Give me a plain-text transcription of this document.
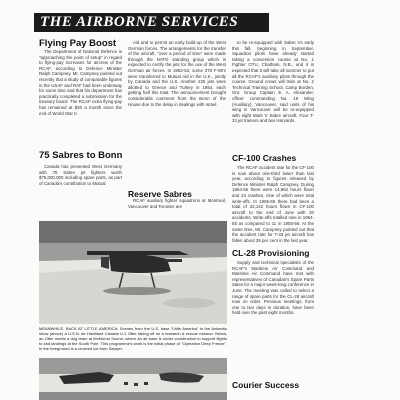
THE AIRBORNE SERVICES
Flying Pay Boost

The Department of National Defence is "approaching the point of setup" in regard to flying-pay increases for aircrew of the RCAF, according to Defence Minister Ralph Campney. Mr. Campney pointed out recently that a study of comparable figures in the USAF and RAF had been underway for some time and that his department has practically completed a submission for the treasury board. The RCAF extra flying-pay has remained at $30 a month since the end of World War II.

75 Sabres to Bonn

Canada has presented West Germany with 75 Sabre jet fighters worth $75,000,000 including spare parts, as part of Canada's contribution to Mutual

Aid and to permit an early build-up of the West German forces. The arrangements for the transfer of the aircraft, "over a period of time" were made through the NATO standing group which is expected to certify the jets for the use of the West German air forces. In 1952-53, some 370 F-86's were transferred to Mutual Aid in the U.K., jointly by Canada and the U.S. Another 225 jets were allotted to Greece and Turkey in 1954, each getting half this total. The announcement brought considerable comment from the Bonn of the House due to the delay in dealings with Israel.

Reserve Sabres

RCAF auxiliary fighter squadrons at Montreal, Vancouver and Toronter are

MEANWHILE, BACK AT LITTLE AMERICA: Scenes from the U.S. base "Little America" in the Antarctic show (above) a U.S.N. de Havilland Canada U-1 Otter taking off on a research & rescue mission. Below, an Otter meets a dog team at McMurdo Sound, where an air base is under construction to support flights to and landings at the South Pole. This programme's work is the initial phase of "Operation Deep Freeze". In the foreground is a crushed ice from Sawyer.

to be re-equipped with Sabre Vs early this fall, beginning in September. Squadron pilots have already started taking a conversion course at No. 1 Fighter OTU, Chatham, N.B., and it is expected that it will take all summer to put all the RCAF's auxiliary pilots through the course. Ground crews will train at No. 2 Technical Training School, Camp Borden, Ont. Group Captain E. A. Alexander, officer commanding No. 19 Wing (Auxiliary), Vancouver, said units of his wing in Vancouver will be re-equipped with eight Mark V Sabre aircraft. Four T-33 jet trainers and two Harvards.

CF-100 Crashes

The RCAF accident rate for the CF-100 is now about one-third lower than last year, according to figures released by Defence Minister Ralph Campney. During 1954-55 there were 14,962 hours flown and 24 crashes, nine of which were total write-offs. In 1955-56 there had been a total of 22,142 hours flown in CF-100 aircraft to the end of June with 20 accidents. Write-offs totalled nine in 1954-55 as compared to 11 in 1955-56. At the same time, Mr. Campney pointed out that the accident rate for T-33 jet aircraft has fallen about 25 per cent in the last year.

CL-28 Provisioning

Supply and technical specialists of the RCAF's Maritime Air Command and Maritime Air Command have met with representatives of Canadair's Spare Parts Sales for a major week-long conference in June. The meeting was called to select a range of spare parts for the CL-28 aircraft now on order. Previous meetings, from one to two days in duration, have been held over the past eight months.

Courier Success
